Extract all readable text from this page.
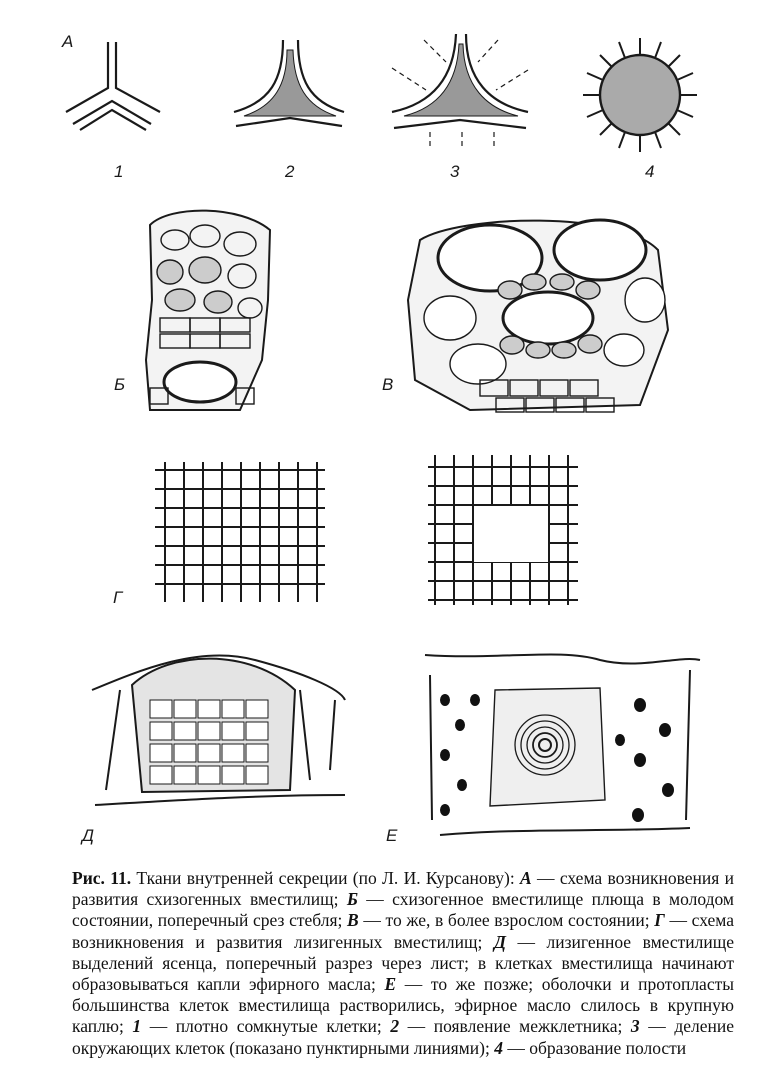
А
1	2	3	4
Б	В
Г
Д	Е
Рис. 11. Ткани внутренней секреции (по Л. И. Курсанову): А — схема возникновения и развития схизогенных вместилищ; Б — схизогенное вместилище плюща в молодом состоянии, поперечный срез стебля; В — то же, в более взрослом состоянии; Г — схема возникновения и развития лизигенных вместилищ; Д — лизигенное вместилище выделений ясенца, поперечный разрез через лист; в клетках вместилища начинают образовываться капли эфирного масла; Е — то же позже; оболочки и протопласты большинства клеток вместилища растворились, эфирное масло слилось в крупную каплю; 1 — плотно сомкнутые клетки; 2 — появление межклетника; 3 — деление окружающих клеток (показано пунктирными линиями); 4 — образование полости
